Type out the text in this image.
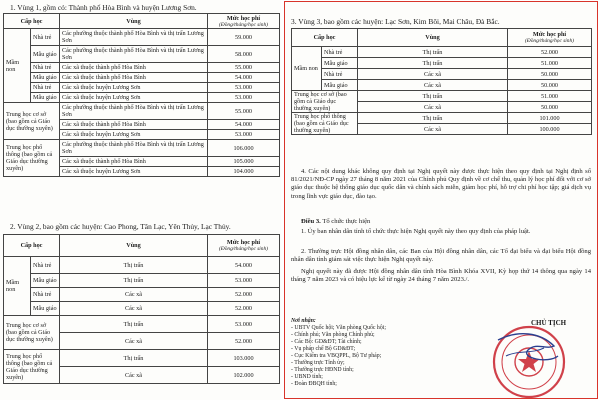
1. Vùng 1, gồm có: Thành phố Hòa Bình và huyện Lương Sơn.
Cấp học		Vùng	Mức học phí
(Đồng/tháng/học sinh)

Mầm non	Nhà trẻ	Các phường thuộc thành phố Hòa Bình và thị trấn Lương Sơn	59.000
	Mẫu giáo	Các phường thuộc thành phố Hòa Bình và thị trấn Lương Sơn	58.000
	Nhà trẻ	Các xã thuộc thành phố Hòa Bình	55.000
	Mẫu giáo	Các xã thuộc thành phố Hòa Bình	54.000
	Nhà trẻ	Các xã thuộc huyện Lương Sơn	53.000
	Mẫu giáo	Các xã thuộc huyện Lương Sơn	53.000
Trung học cơ sở (bao gồm cả Giáo dục thường xuyên)		Các phường thuộc thành phố Hòa Bình và thị trấn Lương Sơn	55.000
		Các xã thuộc thành phố Hòa Bình	54.000
		Các xã thuộc huyện Lương Sơn	53.000
Trung học phổ thông (bao gồm cả Giáo dục thường xuyên)		Các phường thuộc thành phố Hòa Bình và thị trấn Lương Sơn	106.000
		Các xã thuộc thành phố Hòa Bình	105.000
		Các xã thuộc huyện Lương Sơn	104.000
2. Vùng 2, bao gồm các huyện: Cao Phong, Tân Lạc, Yên Thủy, Lạc Thủy.
Cấp học		Vùng	Mức học phí
(Đồng/tháng/học sinh)

Mầm non	Nhà trẻ	Thị trấn	54.000
	Mẫu giáo	Thị trấn	53.000
	Nhà trẻ	Các xã	52.000
	Mẫu giáo	Các xã	52.000
Trung học cơ sở (bao gồm cả Giáo dục thường xuyên)		Thị trấn	53.000
		Các xã	52.000
Trung học phổ thông (bao gồm cả Giáo dục thường xuyên)		Thị trấn	103.000
		Các xã	102.000
3. Vùng 3, bao gồm các huyện: Lạc Sơn, Kim Bôi, Mai Châu, Đà Bắc.
Cấp học		Vùng	Mức học phí
(Đồng/tháng/học sinh)

Mầm non	Nhà trẻ	Thị trấn	52.000
	Mẫu giáo	Thị trấn	51.000
	Nhà trẻ	Các xã	50.000
	Mẫu giáo	Các xã	50.000
Trung học cơ sở (bao gồm cả Giáo dục thường xuyên)		Thị trấn	51.000
		Các xã	50.000
Trung học phổ thông (bao gồm cả Giáo dục thường xuyên)		Thị trấn	101.000
		Các xã	100.000
4. Các nội dung khác không quy định tại Nghị quyết này được thực hiện theo quy định tại Nghị định số 81/2021/NĐ-CP ngày 27 tháng 8 năm 2021 của Chính phủ Quy định về cơ chế thu, quản lý học phí đối với cơ sở giáo dục thuộc hệ thống giáo dục quốc dân và chính sách miễn, giảm học phí, hỗ trợ chi phí học tập; giá dịch vụ trong lĩnh vực giáo dục, đào tạo.
Điều 3. Tổ chức thực hiện
1. Ủy ban nhân dân tỉnh tổ chức thực hiện Nghị quyết này theo quy định của pháp luật.
2. Thường trực Hội đồng nhân dân, các Ban của Hội đồng nhân dân, các Tổ đại biểu và đại biểu Hội đồng nhân dân tỉnh giám sát việc thực hiện Nghị quyết này.
Nghị quyết này đã được Hội đồng nhân dân tỉnh Hòa Bình Khóa XVII, Kỳ họp thứ 14 thông qua ngày 14 tháng 7 năm 2023 và có hiệu lực kể từ ngày 24 tháng 7 năm 2023./.
Nơi nhận:
- UBTV Quốc hội; Văn phòng Quốc hội;
- Chính phủ; Văn phòng Chính phủ;
- Các Bộ: GD&ĐT; Tài chính;
- Vụ pháp chế Bộ GD&ĐT;
- Cục Kiểm tra VBQPPL, Bộ Tư pháp;
- Thường trực Tỉnh ủy;
- Thường trực HĐND tỉnh;
- UBND tỉnh;
- Đoàn ĐBQH tỉnh;
CHỦ TỊCH
